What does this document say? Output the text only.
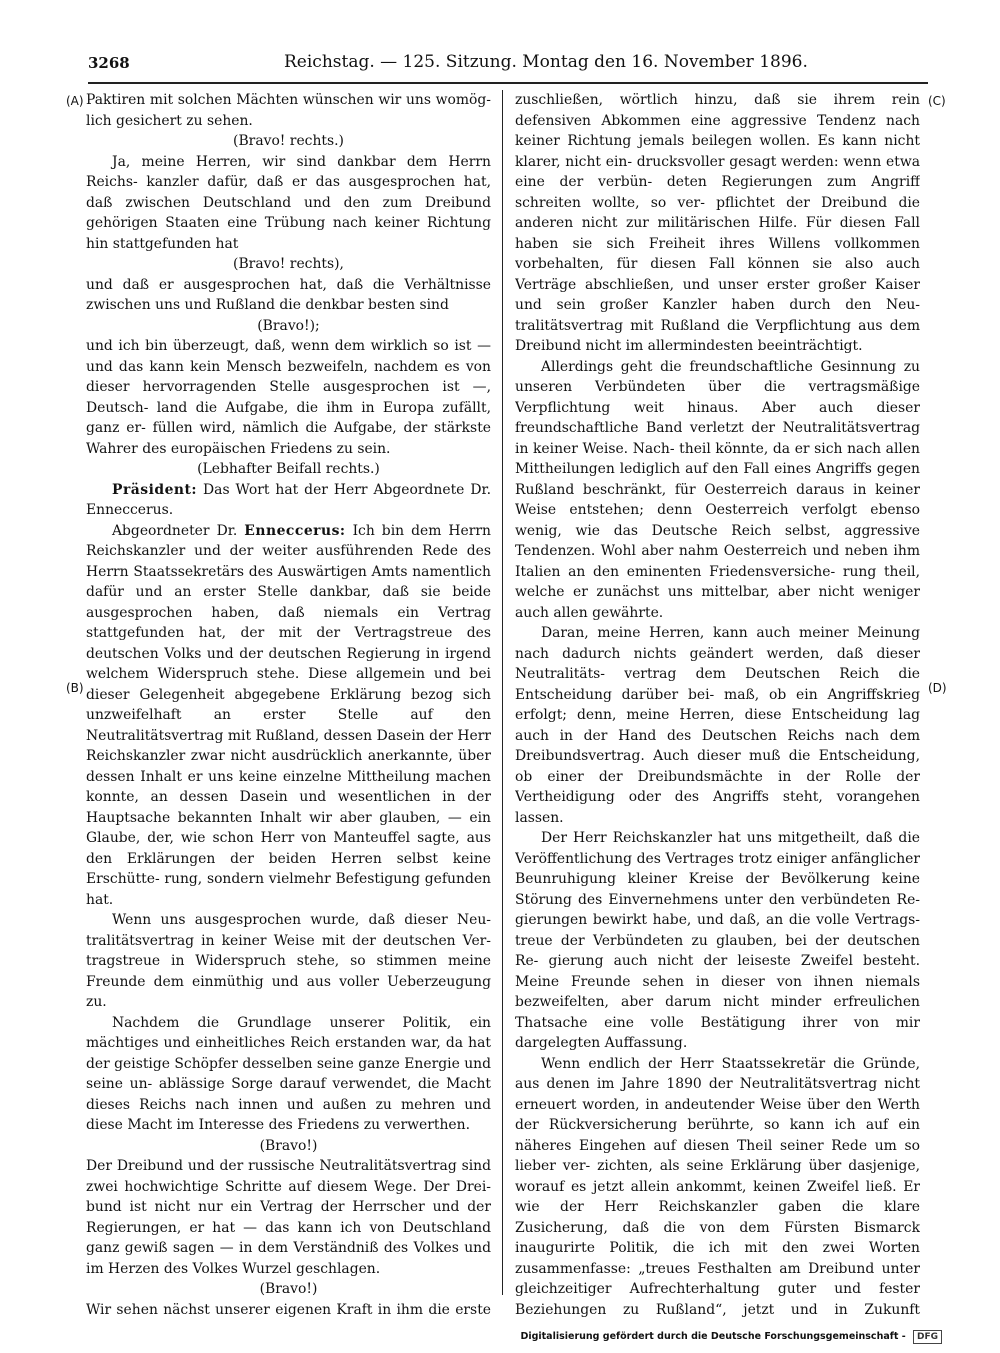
3268	Reichstag. — 125. Sitzung. Montag den 16. November 1896.

Paktiren mit solchen Mächten wünschen wir uns womög- lich gesichert zu sehen.

(Bravo! rechts.)

Ja, meine Herren, wir sind dankbar dem Herrn Reichs- kanzler dafür, daß er das ausgesprochen hat, daß zwischen Deutschland und den zum Dreibund gehörigen Staaten eine Trübung nach keiner Richtung hin stattgefunden hat

(Bravo! rechts),

und daß er ausgesprochen hat, daß die Verhältnisse zwischen uns und Rußland die denkbar besten sind

(Bravo!);

und ich bin überzeugt, daß, wenn dem wirklich so ist — und das kann kein Mensch bezweifeln, nachdem es von dieser hervorragenden Stelle ausgesprochen ist —, Deutsch- land die Aufgabe, die ihm in Europa zufällt, ganz er- füllen wird, nämlich die Aufgabe, der stärkste Wahrer des europäischen Friedens zu sein.

(Lebhafter Beifall rechts.)

Präsident: Das Wort hat der Herr Abgeordnete Dr. Enneccerus.

Abgeordneter Dr. Enneccerus: Ich bin dem Herrn Reichskanzler und der weiter ausführenden Rede des Herrn Staatssekretärs des Auswärtigen Amts namentlich dafür und an erster Stelle dankbar, daß sie beide ausgesprochen haben, daß niemals ein Vertrag stattgefunden hat, der mit der Vertragstreue des deutschen Volks und der deutschen Regierung in irgend welchem Widerspruch stehe. Diese allgemein und bei dieser Gelegenheit abgegebene Erklärung bezog sich unzweifelhaft an erster Stelle auf den Neutralitätsvertrag mit Rußland, dessen Dasein der Herr Reichskanzler zwar nicht ausdrücklich anerkannte, über dessen Inhalt er uns keine einzelne Mittheilung machen konnte, an dessen Dasein und wesentlichen in der Hauptsache bekannten Inhalt wir aber glauben, — ein Glaube, der, wie schon Herr von Manteuffel sagte, aus den Erklärungen der beiden Herren selbst keine Erschütte- rung, sondern vielmehr Befestigung gefunden hat.

Wenn uns ausgesprochen wurde, daß dieser Neu- tralitätsvertrag in keiner Weise mit der deutschen Ver- tragstreue in Widerspruch stehe, so stimmen meine Freunde dem einmüthig und aus voller Ueberzeugung zu.

Nachdem die Grundlage unserer Politik, ein mächtiges und einheitliches Reich erstanden war, da hat der geistige Schöpfer desselben seine ganze Energie und seine un- ablässige Sorge darauf verwendet, die Macht dieses Reichs nach innen und außen zu mehren und diese Macht im Interesse des Friedens zu verwerthen.

(Bravo!)

Der Dreibund und der russische Neutralitätsvertrag sind zwei hochwichtige Schritte auf diesem Wege. Der Drei- bund ist nicht nur ein Vertrag der Herrscher und der Regierungen, er hat — das kann ich von Deutschland ganz gewiß sagen — in dem Verständniß des Volkes und im Herzen des Volkes Wurzel geschlagen.

(Bravo!)

Wir sehen nächst unserer eigenen Kraft in ihm die erste

zuschließen, wörtlich hinzu, daß sie ihrem rein defensiven Abkommen eine aggressive Tendenz nach keiner Richtung jemals beilegen wollen. Es kann nicht klarer, nicht ein- drucksvoller gesagt werden: wenn etwa eine der verbün- deten Regierungen zum Angriff schreiten wollte, so ver- pflichtet der Dreibund die anderen nicht zur militärischen Hilfe. Für diesen Fall haben sie sich Freiheit ihres Willens vollkommen vorbehalten, für diesen Fall können sie also auch Verträge abschließen, und unser erster großer Kaiser und sein großer Kanzler haben durch den Neu- tralitätsvertrag mit Rußland die Verpflichtung aus dem Dreibund nicht im allermindesten beeinträchtigt.

Allerdings geht die freundschaftliche Gesinnung zu unseren Verbündeten über die vertragsmäßige Verpflichtung weit hinaus. Aber auch dieser freundschaftliche Band verletzt der Neutralitätsvertrag in keiner Weise. Nach- theil könnte, da er sich nach allen Mittheilungen lediglich auf den Fall eines Angriffs gegen Rußland beschränkt, für Oesterreich daraus in keiner Weise entstehen; denn Oesterreich verfolgt ebenso wenig, wie das Deutsche Reich selbst, aggressive Tendenzen. Wohl aber nahm Oesterreich und neben ihm Italien an den eminenten Friedensversiche- rung theil, welche er zunächst uns mittelbar, aber nicht weniger auch allen gewährte.

Daran, meine Herren, kann auch meiner Meinung nach dadurch nichts geändert werden, daß dieser Neutralitäts- vertrag dem Deutschen Reich die Entscheidung darüber bei- maß, ob ein Angriffskrieg erfolgt; denn, meine Herren, diese Entscheidung lag auch in der Hand des Deutschen Reichs nach dem Dreibundsvertrag. Auch dieser muß die Entscheidung, ob einer der Dreibundsmächte in der Rolle der Vertheidigung oder des Angriffs steht, vorangehen lassen.

Der Herr Reichskanzler hat uns mitgetheilt, daß die Veröffentlichung des Vertrages trotz einiger anfänglicher Beunruhigung kleiner Kreise der Bevölkerung keine Störung des Einvernehmens unter den verbündeten Re- gierungen bewirkt habe, und daß, an die volle Vertrags- treue der Verbündeten zu glauben, bei der deutschen Re- gierung auch nicht der leiseste Zweifel besteht. Meine Freunde sehen in dieser von ihnen niemals bezweifelten, aber darum nicht minder erfreulichen Thatsache eine volle Bestätigung ihrer von mir dargelegten Auffassung.

Wenn endlich der Herr Staatssekretär die Gründe, aus denen im Jahre 1890 der Neutralitätsvertrag nicht erneuert worden, in andeutender Weise über den Werth der Rückversicherung berührte, so kann ich auf ein näheres Eingehen auf diesen Theil seiner Rede um so lieber ver- zichten, als seine Erklärung über dasjenige, worauf es jetzt allein ankommt, keinen Zweifel ließ. Er wie der Herr Reichskanzler gaben die klare Zusicherung, daß die von dem Fürsten Bismarck inaugurirte Politik, die ich mit den zwei Worten zusammenfasse: „treues Festhalten am Dreibund unter gleichzeitiger Aufrechterhaltung guter und fester Beziehungen zu Rußland“, jetzt und in Zukunft

(A)
(B)
(C)
(D)
Digitalisierung gefördert durch die Deutsche Forschungsgemeinschaft - DFG
